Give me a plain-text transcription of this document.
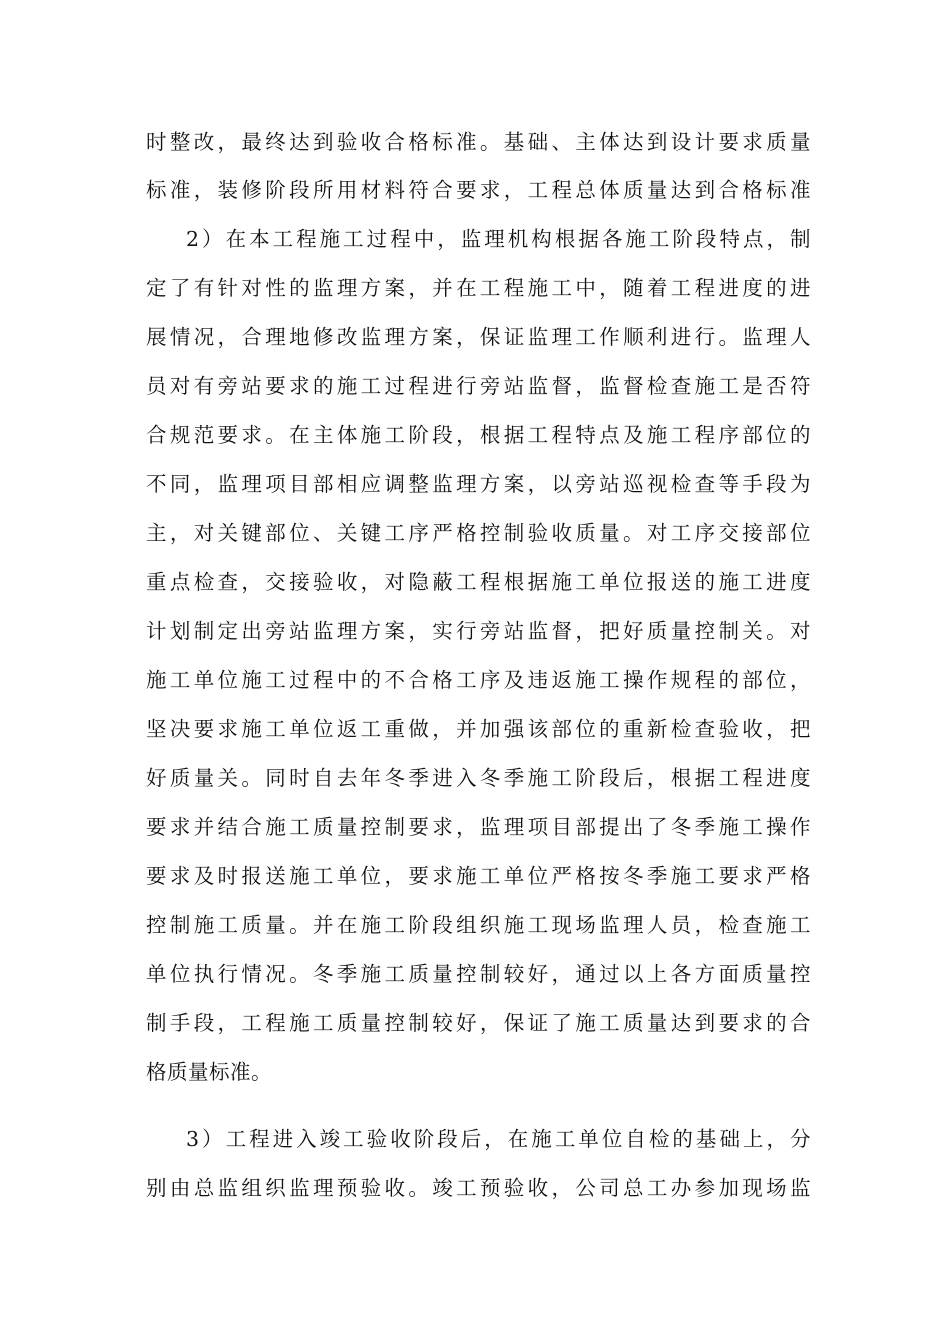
时整改，最终达到验收合格标准。基础、主体达到设计要求质量
标准，装修阶段所用材料符合要求，工程总体质量达到合格标准
2）在本工程施工过程中，监理机构根据各施工阶段特点，制
定了有针对性的监理方案，并在工程施工中，随着工程进度的进
展情况，合理地修改监理方案，保证监理工作顺利进行。监理人
员对有旁站要求的施工过程进行旁站监督，监督检查施工是否符
合规范要求。在主体施工阶段，根据工程特点及施工程序部位的
不同，监理项目部相应调整监理方案，以旁站巡视检查等手段为
主，对关键部位、关键工序严格控制验收质量。对工序交接部位
重点检查，交接验收，对隐蔽工程根据施工单位报送的施工进度
计划制定出旁站监理方案，实行旁站监督，把好质量控制关。对
施工单位施工过程中的不合格工序及违返施工操作规程的部位，
坚决要求施工单位返工重做，并加强该部位的重新检查验收，把
好质量关。同时自去年冬季进入冬季施工阶段后，根据工程进度
要求并结合施工质量控制要求，监理项目部提出了冬季施工操作
要求及时报送施工单位，要求施工单位严格按冬季施工要求严格
控制施工质量。并在施工阶段组织施工现场监理人员，检查施工
单位执行情况。冬季施工质量控制较好，通过以上各方面质量控
制手段，工程施工质量控制较好，保证了施工质量达到要求的合
格质量标准。
3）工程进入竣工验收阶段后，在施工单位自检的基础上，分
别由总监组织监理预验收。竣工预验收，公司总工办参加现场监
